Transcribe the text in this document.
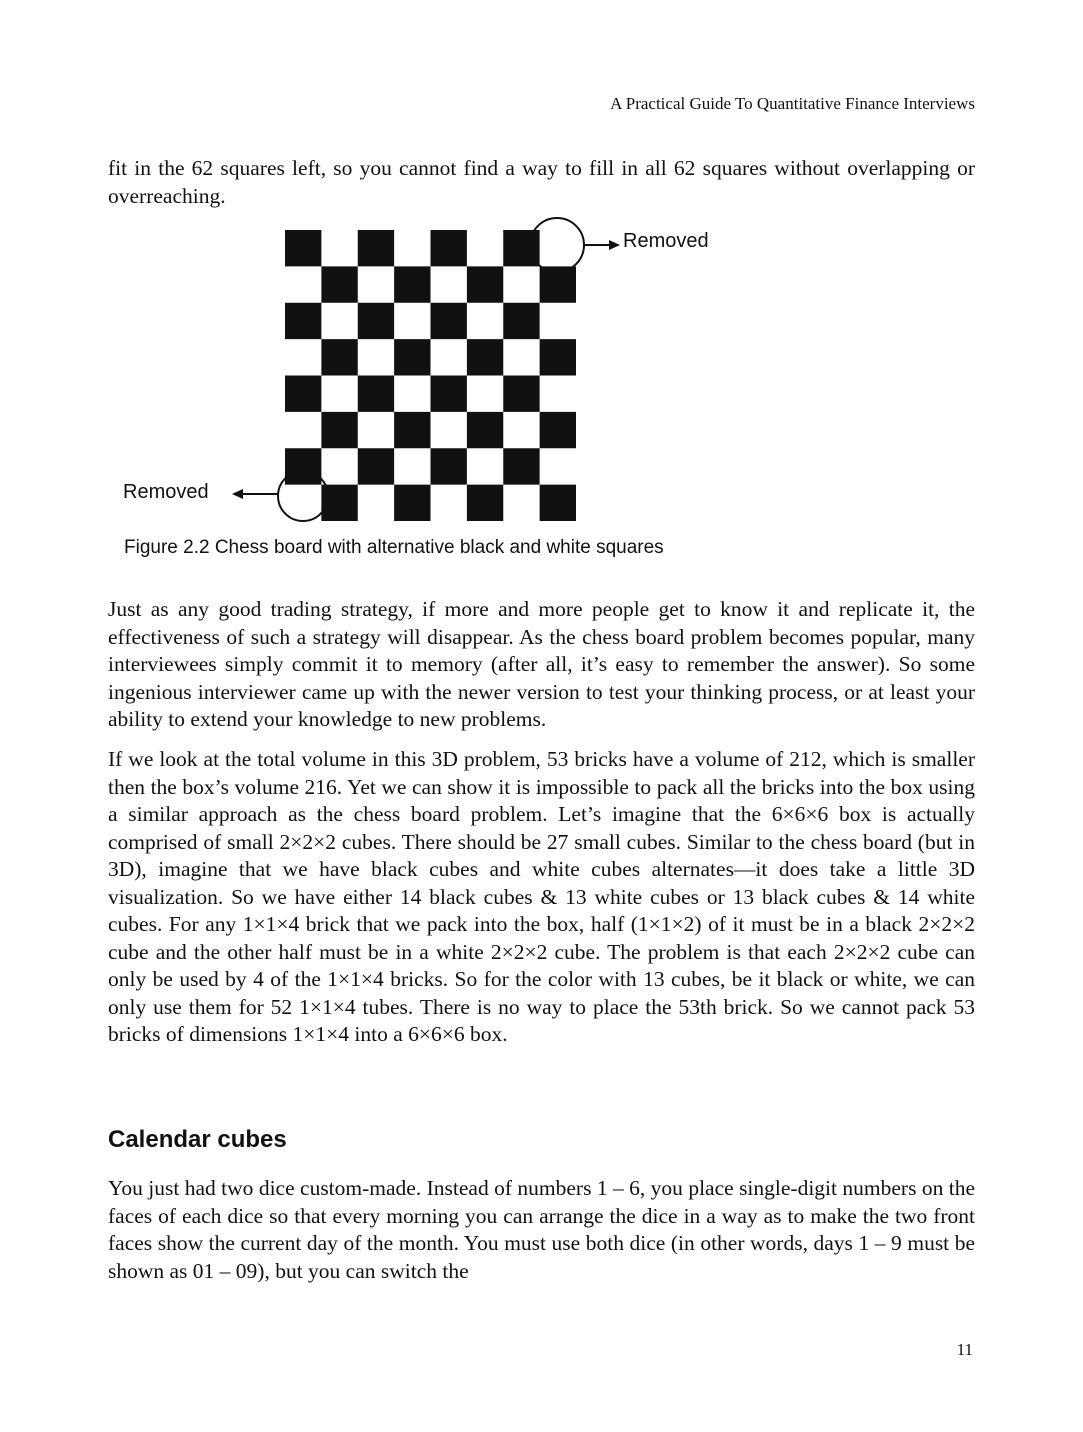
A Practical Guide To Quantitative Finance Interviews

fit in the 62 squares left, so you cannot find a way to fill in all 62 squares without overlapping or overreaching.

Removed
Removed
Figure 2.2 Chess board with alternative black and white squares

Just as any good trading strategy, if more and more people get to know it and replicate it, the effectiveness of such a strategy will disappear. As the chess board problem becomes popular, many interviewees simply commit it to memory (after all, it’s easy to remember the answer). So some ingenious interviewer came up with the newer version to test your thinking process, or at least your ability to extend your knowledge to new problems.

If we look at the total volume in this 3D problem, 53 bricks have a volume of 212, which is smaller then the box’s volume 216. Yet we can show it is impossible to pack all the bricks into the box using a similar approach as the chess board problem. Let’s imagine that the 6×6×6 box is actually comprised of small 2×2×2 cubes. There should be 27 small cubes. Similar to the chess board (but in 3D), imagine that we have black cubes and white cubes alternates—it does take a little 3D visualization. So we have either 14 black cubes & 13 white cubes or 13 black cubes & 14 white cubes. For any 1×1×4 brick that we pack into the box, half (1×1×2) of it must be in a black 2×2×2 cube and the other half must be in a white 2×2×2 cube. The problem is that each 2×2×2 cube can only be used by 4 of the 1×1×4 bricks. So for the color with 13 cubes, be it black or white, we can only use them for 52 1×1×4 tubes. There is no way to place the 53th brick. So we cannot pack 53 bricks of dimensions 1×1×4 into a 6×6×6 box.

Calendar cubes

You just had two dice custom-made. Instead of numbers 1 – 6, you place single-digit numbers on the faces of each dice so that every morning you can arrange the dice in a way as to make the two front faces show the current day of the month. You must use both dice (in other words, days 1 – 9 must be shown as 01 – 09), but you can switch the

11
